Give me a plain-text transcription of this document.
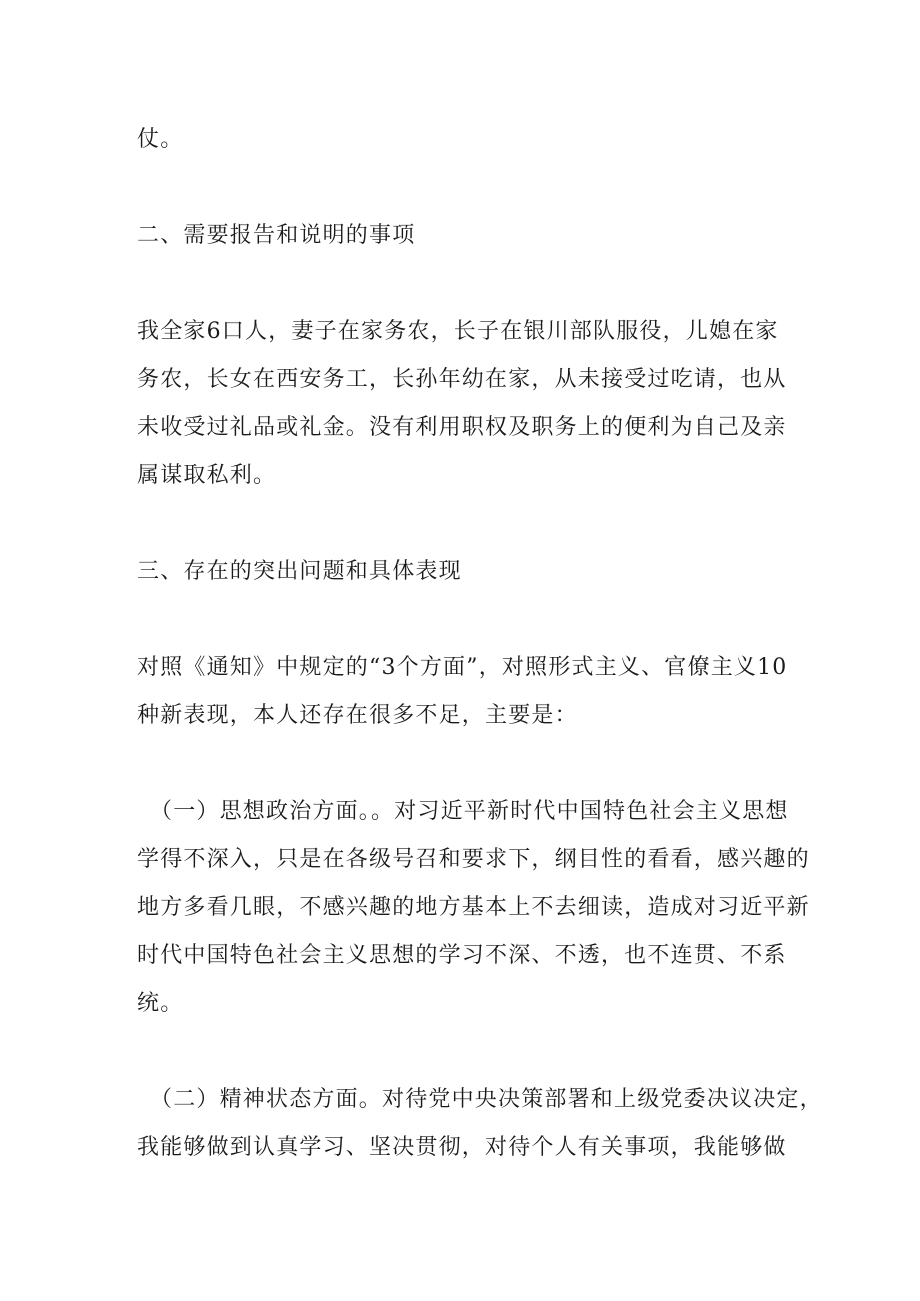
仗。
二、需要报告和说明的事项
我全家6口人，妻子在家务农，长子在银川部队服役，儿媳在家
务农，长女在西安务工，长孙年幼在家，从未接受过吃请，也从
未收受过礼品或礼金。没有利用职权及职务上的便利为自己及亲
属谋取私利。
三、存在的突出问题和具体表现
对照《通知》中规定的“3个方面”，对照形式主义、官僚主义10
种新表现，本人还存在很多不足，主要是：
（一）思想政治方面。。对习近平新时代中国特色社会主义思想
学得不深入，只是在各级号召和要求下，纲目性的看看，感兴趣的
地方多看几眼，不感兴趣的地方基本上不去细读，造成对习近平新
时代中国特色社会主义思想的学习不深、不透，也不连贯、不系
统。
（二）精神状态方面。对待党中央决策部署和上级党委决议决定，
我能够做到认真学习、坚决贯彻，对待个人有关事项，我能够做
